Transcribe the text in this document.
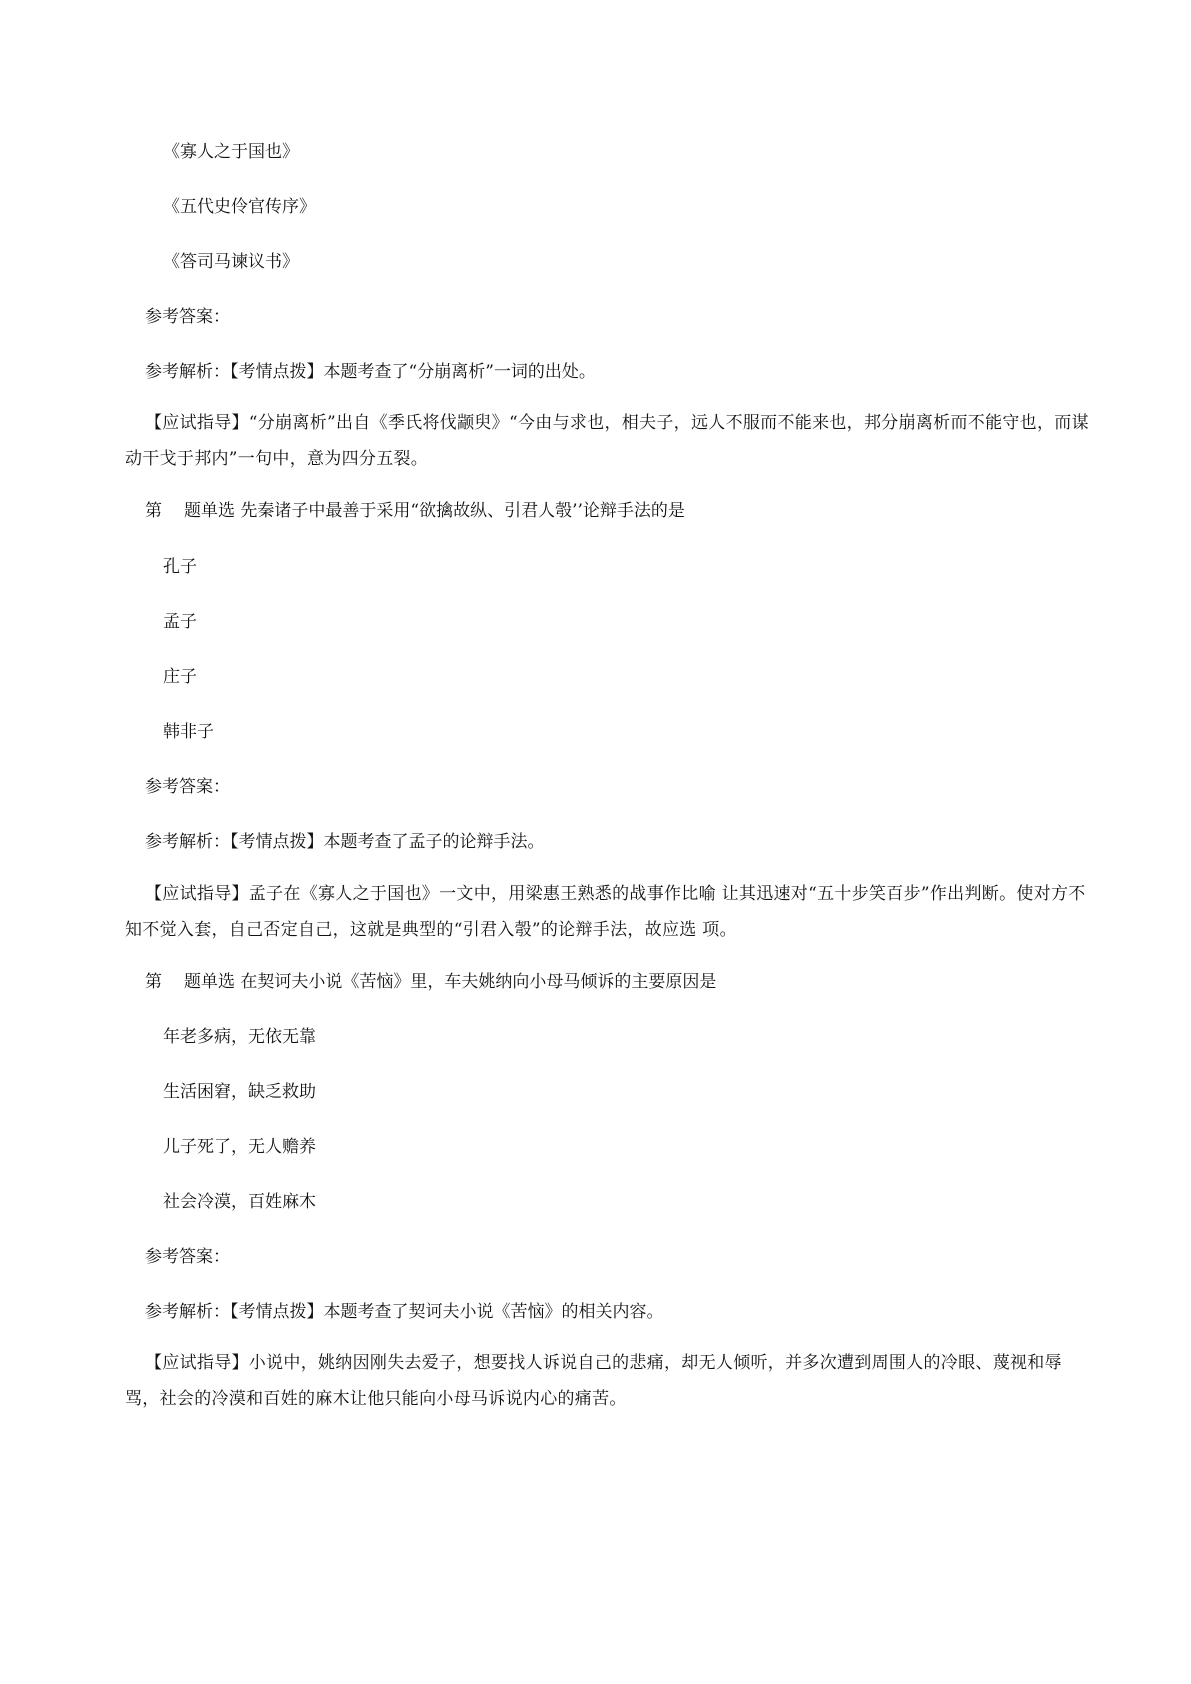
《寡人之于国也》
《五代史伶官传序》
《答司马谏议书》
参考答案：
参考解析：【考情点拨】本题考查了“分崩离析”一词的出处。
【应试指导】“分崩离析”出自《季氏将伐颛臾》“今由与求也，相夫子，远人不服而不能来也，邦分崩离析而不能守也，而谋动干戈于邦内”一句中，意为四分五裂。
第 题单选 先秦诸子中最善于采用“欲擒故纵、引君人彀’’论辩手法的是
孔子
孟子
庄子
韩非子
参考答案：
参考解析：【考情点拨】本题考查了孟子的论辩手法。
【应试指导】孟子在《寡人之于国也》一文中，用梁惠王熟悉的战事作比喻 让其迅速对“五十步笑百步”作出判断。使对方不知不觉入套，自己否定自己，这就是典型的“引君入彀”的论辩手法，故应选 项。
第 题单选 在契诃夫小说《苦恼》里，车夫姚纳向小母马倾诉的主要原因是
年老多病，无依无靠
生活困窘，缺乏救助
儿子死了，无人赡养
社会冷漠，百姓麻木
参考答案：
参考解析：【考情点拨】本题考查了契诃夫小说《苦恼》的相关内容。
【应试指导】小说中，姚纳因刚失去爱子，想要找人诉说自己的悲痛，却无人倾听，并多次遭到周围人的冷眼、蔑视和辱骂，社会的冷漠和百姓的麻木让他只能向小母马诉说内心的痛苦。
